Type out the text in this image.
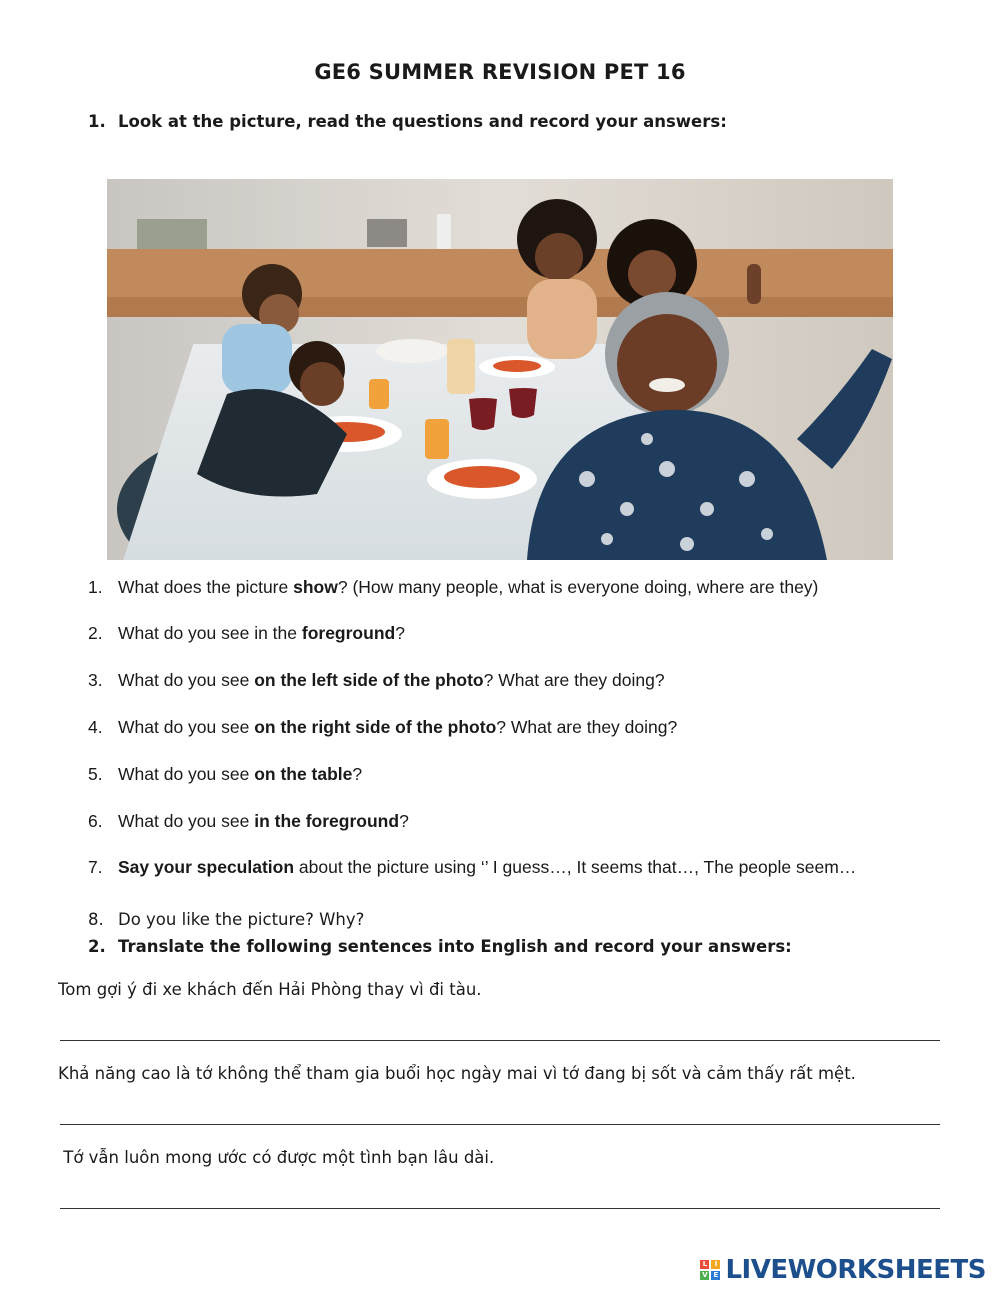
GE6 SUMMER REVISION PET 16
1. Look at the picture, read the questions and record your answers:
1. What does the picture show? (How many people, what is everyone doing, where are they)
2. What do you see in the foreground?
3. What do you see on the left side of the photo? What are they doing?
4. What do you see on the right side of the photo? What are they doing?
5. What do you see on the table?
6. What do you see in the foreground?
7. Say your speculation about the picture using ‘’ I guess…, It seems that…, The people seem…
8. Do you like the picture? Why?
2. Translate the following sentences into English and record your answers:
Tom gợi ý đi xe khách đến Hải Phòng thay vì đi tàu.
Khả năng cao là tớ không thể tham gia buổi học ngày mai vì tớ đang bị sốt và cảm thấy rất mệt.
Tớ vẫn luôn mong ước có được một tình bạn lâu dài.
L	I
V E LIVEWORKSHEETS
